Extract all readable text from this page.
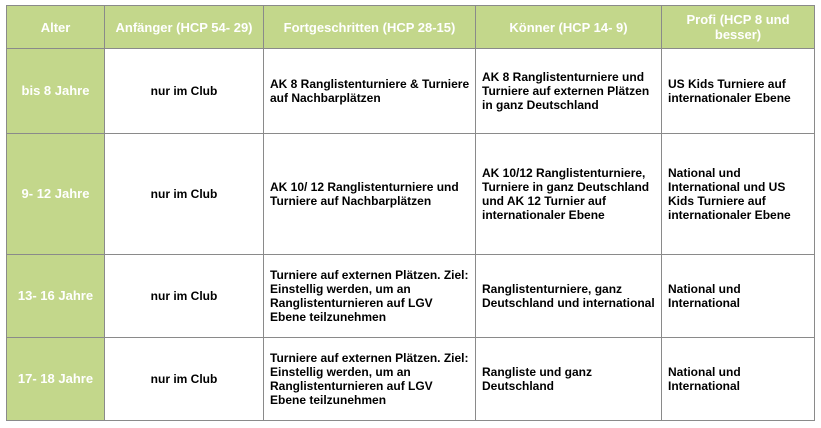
Alter	Anfänger (HCP 54- 29)	Fortgeschritten (HCP 28-15)	Könner (HCP 14- 9)	Profi (HCP 8 und besser)
bis 8 Jahre	nur im Club	AK 8 Ranglistenturniere & Turniere auf Nachbarplätzen	AK 8 Ranglistenturniere und Turniere auf externen Plätzen in ganz Deutschland	US Kids Turniere auf internationaler Ebene
9- 12 Jahre	nur im Club	AK 10/ 12 Ranglistenturniere und Turniere auf Nachbarplätzen	AK 10/12 Ranglistenturniere, Turniere in ganz Deutschland und AK 12 Turnier auf internationaler Ebene	National und International und US Kids Turniere auf internationaler Ebene
13- 16 Jahre	nur im Club	Turniere auf externen Plätzen. Ziel: Einstellig werden, um an Ranglistenturnieren auf LGV Ebene teilzunehmen	Ranglistenturniere, ganz Deutschland und international	National und International
17- 18 Jahre	nur im Club	Turniere auf externen Plätzen. Ziel: Einstellig werden, um an Ranglistenturnieren auf LGV Ebene teilzunehmen	Rangliste und ganz Deutschland	National und International
